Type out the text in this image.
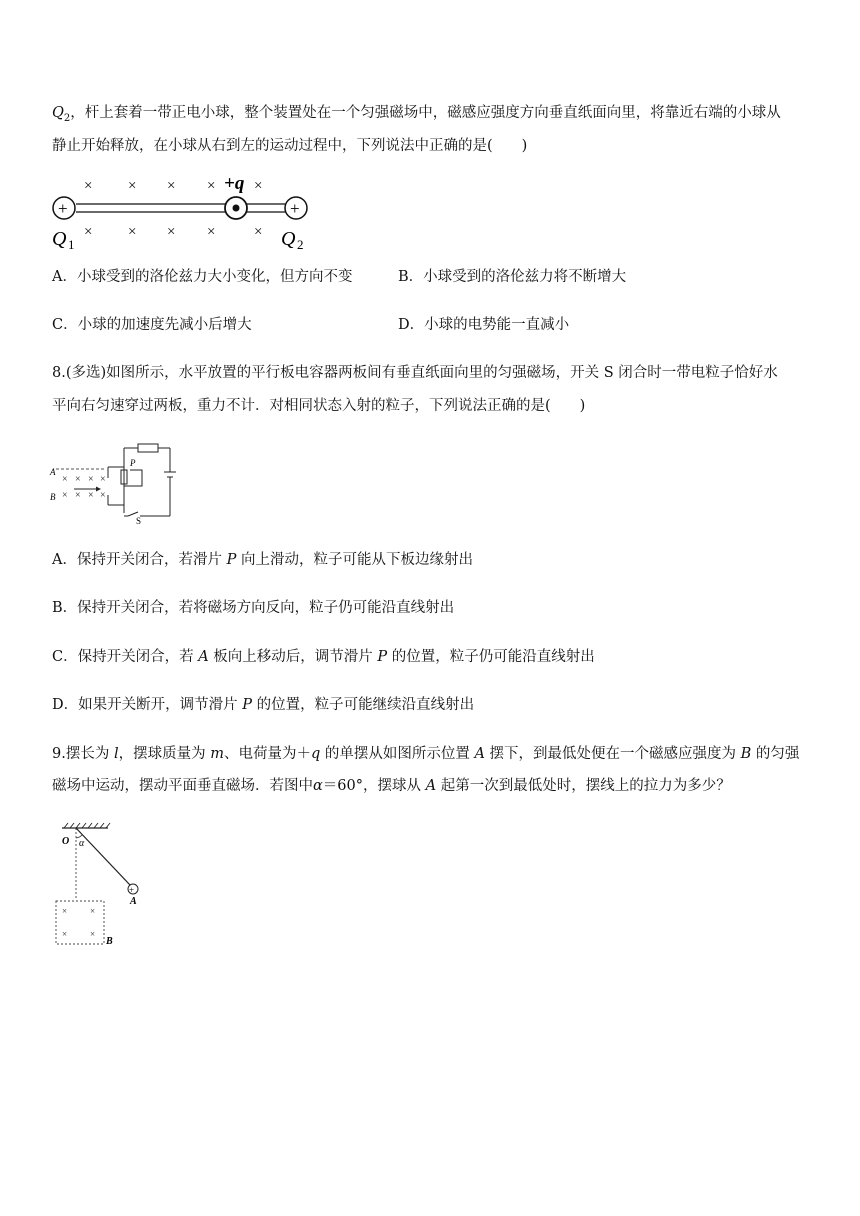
$Q_2$，杆上套着一带正电小球，整个装置处在一个匀强磁场中，磁感应强度方向垂直纸面向里，将靠近右端的小球从
静止开始释放，在小球从右到左的运动过程中，下列说法中正确的是(　　)
× × × ×	×
× × × ×	×
+q
+	+
Q 1	Q 2
A．小球受到的洛伦兹力大小变化，但方向不变	B．小球受到的洛伦兹力将不断增大
C．小球的加速度先减小后增大	D．小球的电势能一直减小
8.(多选)如图所示，水平放置的平行板电容器两板间有垂直纸面向里的匀强磁场，开关 S 闭合时一带电粒子恰好水
平向右匀速穿过两板，重力不计．对相同状态入射的粒子，下列说法正确的是(　　)
× × × ×
× × × ×
A
B
P
S
A．保持开关闭合，若滑片 P 向上滑动，粒子可能从下板边缘射出
B．保持开关闭合，若将磁场方向反向，粒子仍可能沿直线射出
C．保持开关闭合，若 A 板向上移动后，调节滑片 P 的位置，粒子仍可能沿直线射出
D．如果开关断开，调节滑片 P 的位置，粒子可能继续沿直线射出
9.摆长为 l，摆球质量为 m、电荷量为＋q 的单摆从如图所示位置 A 摆下，到最低处便在一个磁感应强度为 B 的匀强
磁场中运动，摆动平面垂直磁场．若图中α＝60°，摆球从 A 起第一次到最低处时，摆线上的拉力为多少？
+
×	×
×	×
O α
A
B
